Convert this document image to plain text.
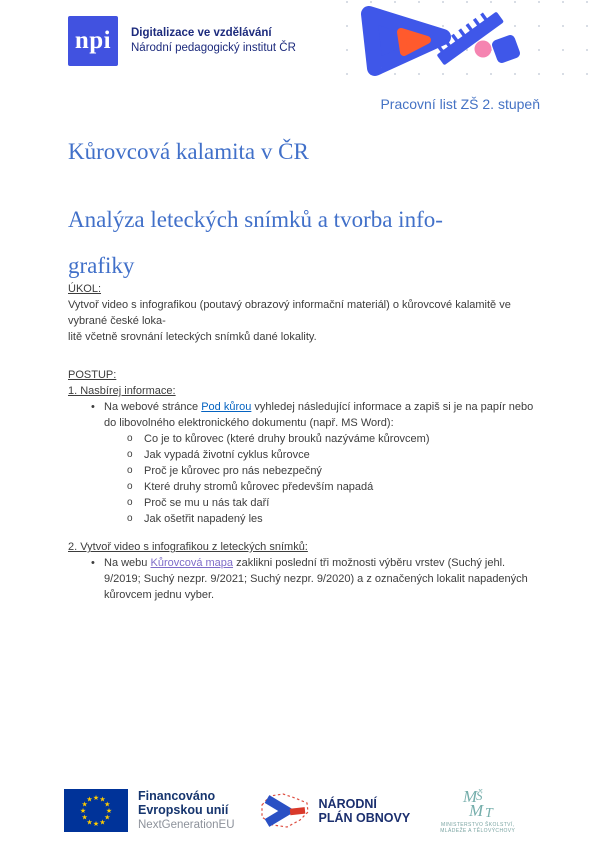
npi Digitalizace ve vzdělávání
Národní pedagogický institut ČR
Pracovní list ZŠ 2. stupeň
Kůrovcová kalamita v ČR
Analýza leteckých snímků a tvorba info-
grafiky
ÚKOL:
Vytvoř video s infografikou (poutavý obrazový informační materiál) o kůrovcové kalamitě ve vybrané české loka-
litě včetně srovnání leteckých snímků dané lokality.
POSTUP:
1. Nasbírej informace:
• Na webové stránce Pod kůrou vyhledej následující informace a zapiš si je na papír nebo do libovolného elektronického dokumentu (např. MS Word):
o	Co je to kůrovec (které druhy brouků nazýváme kůrovcem)
o	Jak vypadá životní cyklus kůrovce
o	Proč je kůrovec pro nás nebezpečný
o	Které druhy stromů kůrovec především napadá
o	Proč se mu u nás tak daří
o	Jak ošetřit napadený les
2. Vytvoř video s infografikou z leteckých snímků:
• Na webu Kůrovcová mapa zaklikni poslední tři možnosti výběru vrstev (Suchý jehl. 9/2019; Suchý nezpr. 9/2021; Suchý nezpr. 9/2020) a z označených lokalit napadených kůrovcem jednu vyber.
★ ★
★
★
★
★
★
★
★
★
★
★	Financováno
Evropskou unií
NextGenerationEU
NÁRODNÍ
PLÁN OBNOVY
M
Š
M T
MINISTERSTVO ŠKOLSTVÍ,
MLÁDEŽE A TĚLOVÝCHOVY
